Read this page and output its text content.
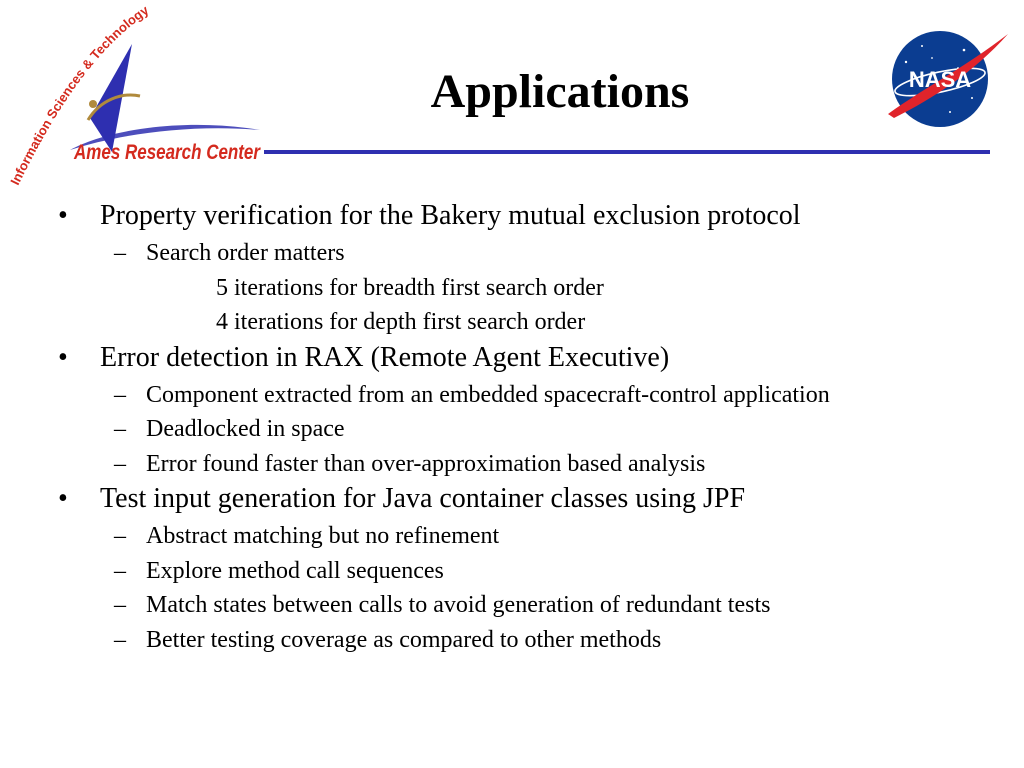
Information Sciences & Technology
Ames Research Center
NASA
Applications
•	Property verification for the Bakery mutual exclusion protocol
– Search order matters
5 iterations for breadth first search order
4 iterations for depth first search order
•	Error detection in RAX (Remote Agent Executive)
– Component extracted from an embedded spacecraft-control application
– Deadlocked in space
– Error found faster than over-approximation based analysis
•	Test input generation for Java container classes using JPF
– Abstract matching but no refinement
– Explore method call sequences
– Match states between calls to avoid generation of redundant tests
– Better testing coverage as compared to other methods
